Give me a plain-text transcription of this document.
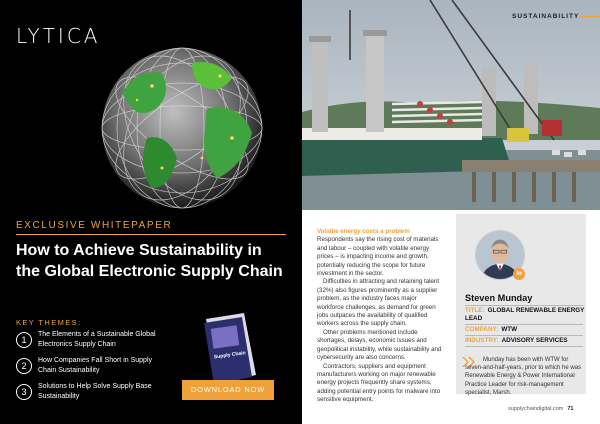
LYTICA
EXCLUSIVE WHITEPAPER
How to Achieve Sustainability in the Global Electronic Supply Chain
KEY THEMES:
1
The Elements of a Sustainable Global Electronics Supply Chain
2
How Companies Fall Short in Supply Chain Sustainability
3
Solutions to Help Solve Supply Base Sustainability
Supply Chain
DOWNLOAD NOW
SUSTAINABILITY

Volatile energy costs a problem

Respondents say the rising cost of materials and labour – coupled with volatile energy prices – is impacting income and growth, potentially reducing the scope for future investment in the sector.

Difficulties in attracting and retaining talent (32%) also figures prominently as a supplier problem, as the industry faces major workforce challenges, as demand for green jobs outpaces the availability of qualified workers across the supply chain.

Other problems mentioned include shortages, delays, economic issues and geopolitical instability, while sustainability and cybersecurity are also concerns.

Contractors, suppliers and equipment manufacturers working on major renewable energy projects frequently share systems, adding potential entry points for malware into sensitive equipment.

in
Steven Munday
TITLE: GLOBAL RENEWABLE ENERGY LEAD
COMPANY: WTW
INDUSTRY: ADVISORY SERVICES
Munday has been with WTW for seven-and-half-years, prior to which he was Renewable Energy & Power International Practice Leader for risk-management specialist, Marsh.
supplychaindigital.com 71
